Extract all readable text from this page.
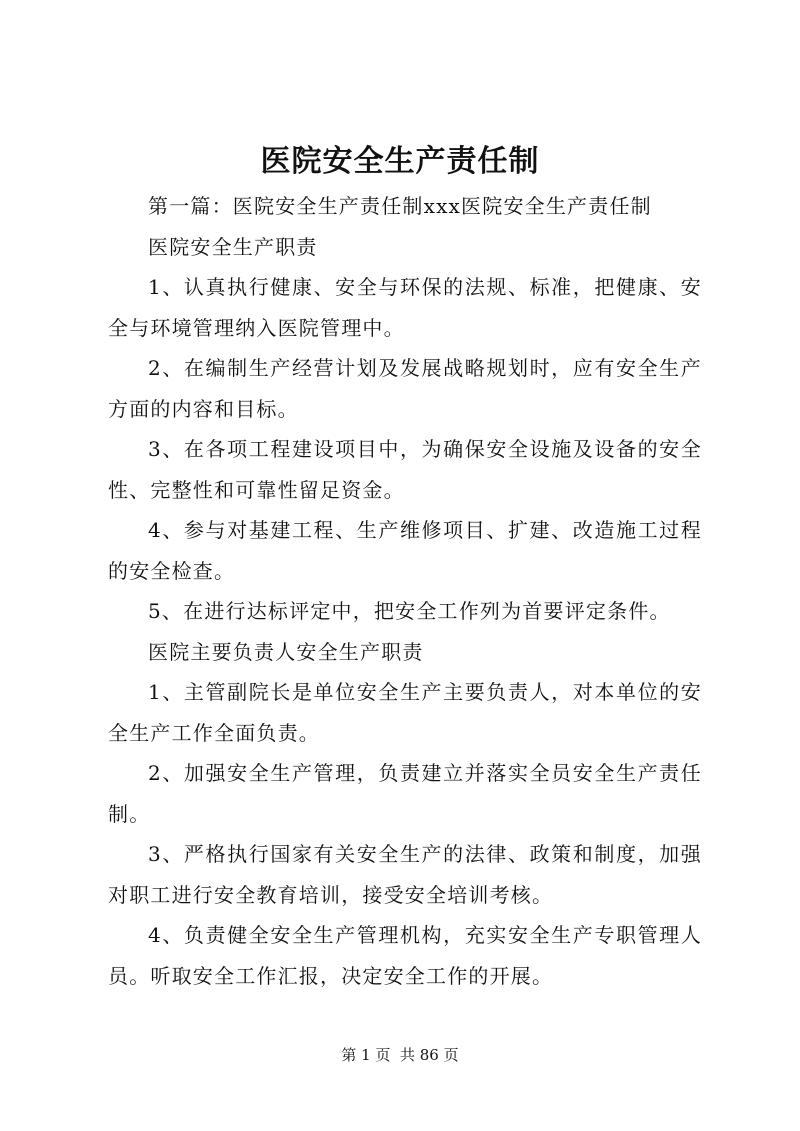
医院安全生产责任制

第一篇：医院安全生产责任制xxx医院安全生产责任制

医院安全生产职责

1、认真执行健康、安全与环保的法规、标准，把健康、安全与环境管理纳入医院管理中。

2、在编制生产经营计划及发展战略规划时，应有安全生产方面的内容和目标。

3、在各项工程建设项目中，为确保安全设施及设备的安全性、完整性和可靠性留足资金。

4、参与对基建工程、生产维修项目、扩建、改造施工过程的安全检查。

5、在进行达标评定中，把安全工作列为首要评定条件。

医院主要负责人安全生产职责

1、主管副院长是单位安全生产主要负责人，对本单位的安全生产工作全面负责。

2、加强安全生产管理，负责建立并落实全员安全生产责任制。

3、严格执行国家有关安全生产的法律、政策和制度，加强对职工进行安全教育培训，接受安全培训考核。

4、负责健全安全生产管理机构，充实安全生产专职管理人员。听取安全工作汇报，决定安全工作的开展。

第 1 页  共 86 页
